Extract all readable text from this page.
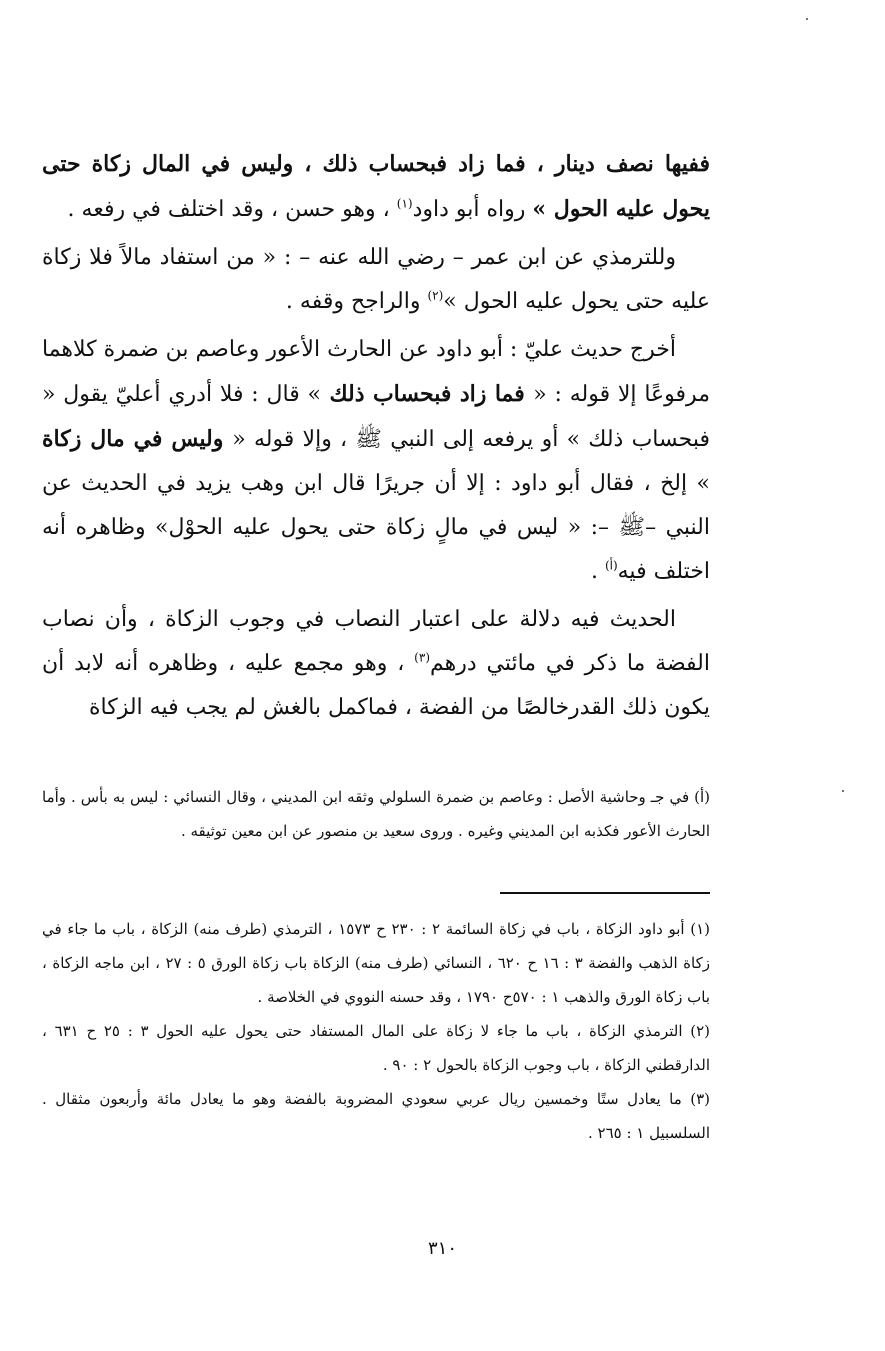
ففيها نصف دينار ، فما زاد فبحساب ذلك ، وليس في المال زكاة حتى يحول عليه الحول » رواه أبو داود$^{(١)}$ ، وهو حسن ، وقد اختلف في رفعه .

وللترمذي عن ابن عمر – رضي الله عنه – : « من استفاد مالاً فلا زكاة عليه حتى يحول عليه الحول »$^{(٢)}$ والراجح وقفه .

أخرج حديث عليّ : أبو داود عن الحارث الأعور وعاصم بن ضمرة كلاهما مرفوعًا إلا قوله : « فما زاد فبحساب ذلك » قال : فلا أدري أعليّ يقول « فبحساب ذلك » أو يرفعه إلى النبي ﷺ ، وإلا قوله « وليس في مال زكاة » إلخ ، فقال أبو داود : إلا أن جريرًا قال ابن وهب يزيد في الحديث عن النبي –ﷺ –: « ليس في مالٍ زكاة حتى يحول عليه الحوْل» وظاهره أنه اختلف فيه$^{(أ)}$ .

الحديث فيه دلالة على اعتبار النصاب في وجوب الزكاة ، وأن نصاب الفضة ما ذكر في مائتي درهم$^{(٣)}$ ، وهو مجمع عليه ، وظاهره أنه لابد أن يكون ذلك القدرخالصًا من الفضة ، فماكمل بالغش لم يجب فيه الزكاة

(أ) في جـ وحاشية الأصل : وعاصم بن ضمرة السلولي وثقه ابن المديني ، وقال النسائي : ليس به بأس . وأما الحارث الأعور فكذبه ابن المديني وغيره . وروى سعيد بن منصور عن ابن معين توثيقه .

(١) أبو داود الزكاة ، باب في زكاة السائمة ٢ : ٢٣٠ ح ١٥٧٣ ، الترمذي (طرف منه) الزكاة ، باب ما جاء في زكاة الذهب والفضة ٣ : ١٦ ح ٦٢٠ ، النسائي (طرف منه) الزكاة باب زكاة الورق ٥ : ٢٧ ، ابن ماجه الزكاة ، باب زكاة الورق والذهب ١ : ٥٧٠ح ١٧٩٠ ، وقد حسنه النووي في الخلاصة .

(٢) الترمذي الزكاة ، باب ما جاء لا زكاة على المال المستفاد حتى يحول عليه الحول ٣ : ٢٥ ح ٦٣١ ، الدارقطني الزكاة ، باب وجوب الزكاة بالحول ٢ : ٩٠ .

(٣) ما يعادل ستًا وخمسين ريال عربي سعودي المضروبة بالفضة وهو ما يعادل مائة وأربعون مثقال . السلسبيل ١ : ٢٦٥ .

٣١٠
